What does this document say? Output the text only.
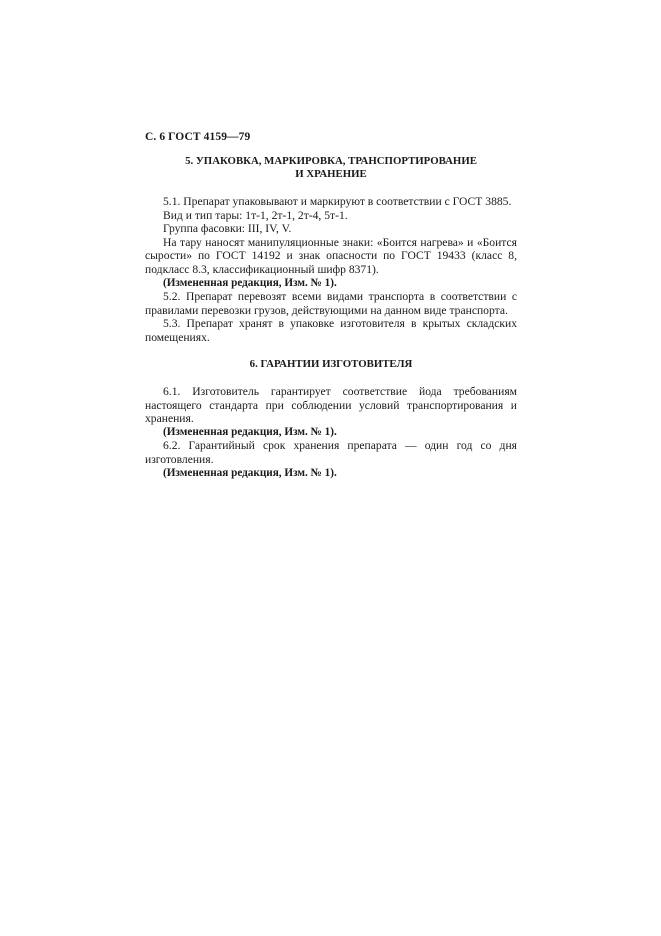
С. 6 ГОСТ 4159—79
5. УПАКОВКА, МАРКИРОВКА, ТРАНСПОРТИРОВАНИЕ
И ХРАНЕНИЕ

5.1. Препарат упаковывают и маркируют в соответствии с ГОСТ 3885.

Вид и тип тары: 1т-1, 2т-1, 2т-4, 5т-1.

Группа фасовки: III, IV, V.

На тару наносят манипуляционные знаки: «Боится нагрева» и «Боится сырости» по ГОСТ 14192 и знак опасности по ГОСТ 19433 (класс 8, подкласс 8.3, классификационный шифр 8371).

(Измененная редакция, Изм. № 1).

5.2. Препарат перевозят всеми видами транспорта в соответствии с правилами перевозки грузов, действующими на данном виде транспорта.

5.3. Препарат хранят в упаковке изготовителя в крытых складских помещениях.

6. ГАРАНТИИ ИЗГОТОВИТЕЛЯ

6.1. Изготовитель гарантирует соответствие йода требованиям настоящего стандарта при соблюдении условий транспортирования и хранения.

(Измененная редакция, Изм. № 1).

6.2. Гарантийный срок хранения препарата — один год со дня изготовления.

(Измененная редакция, Изм. № 1).
